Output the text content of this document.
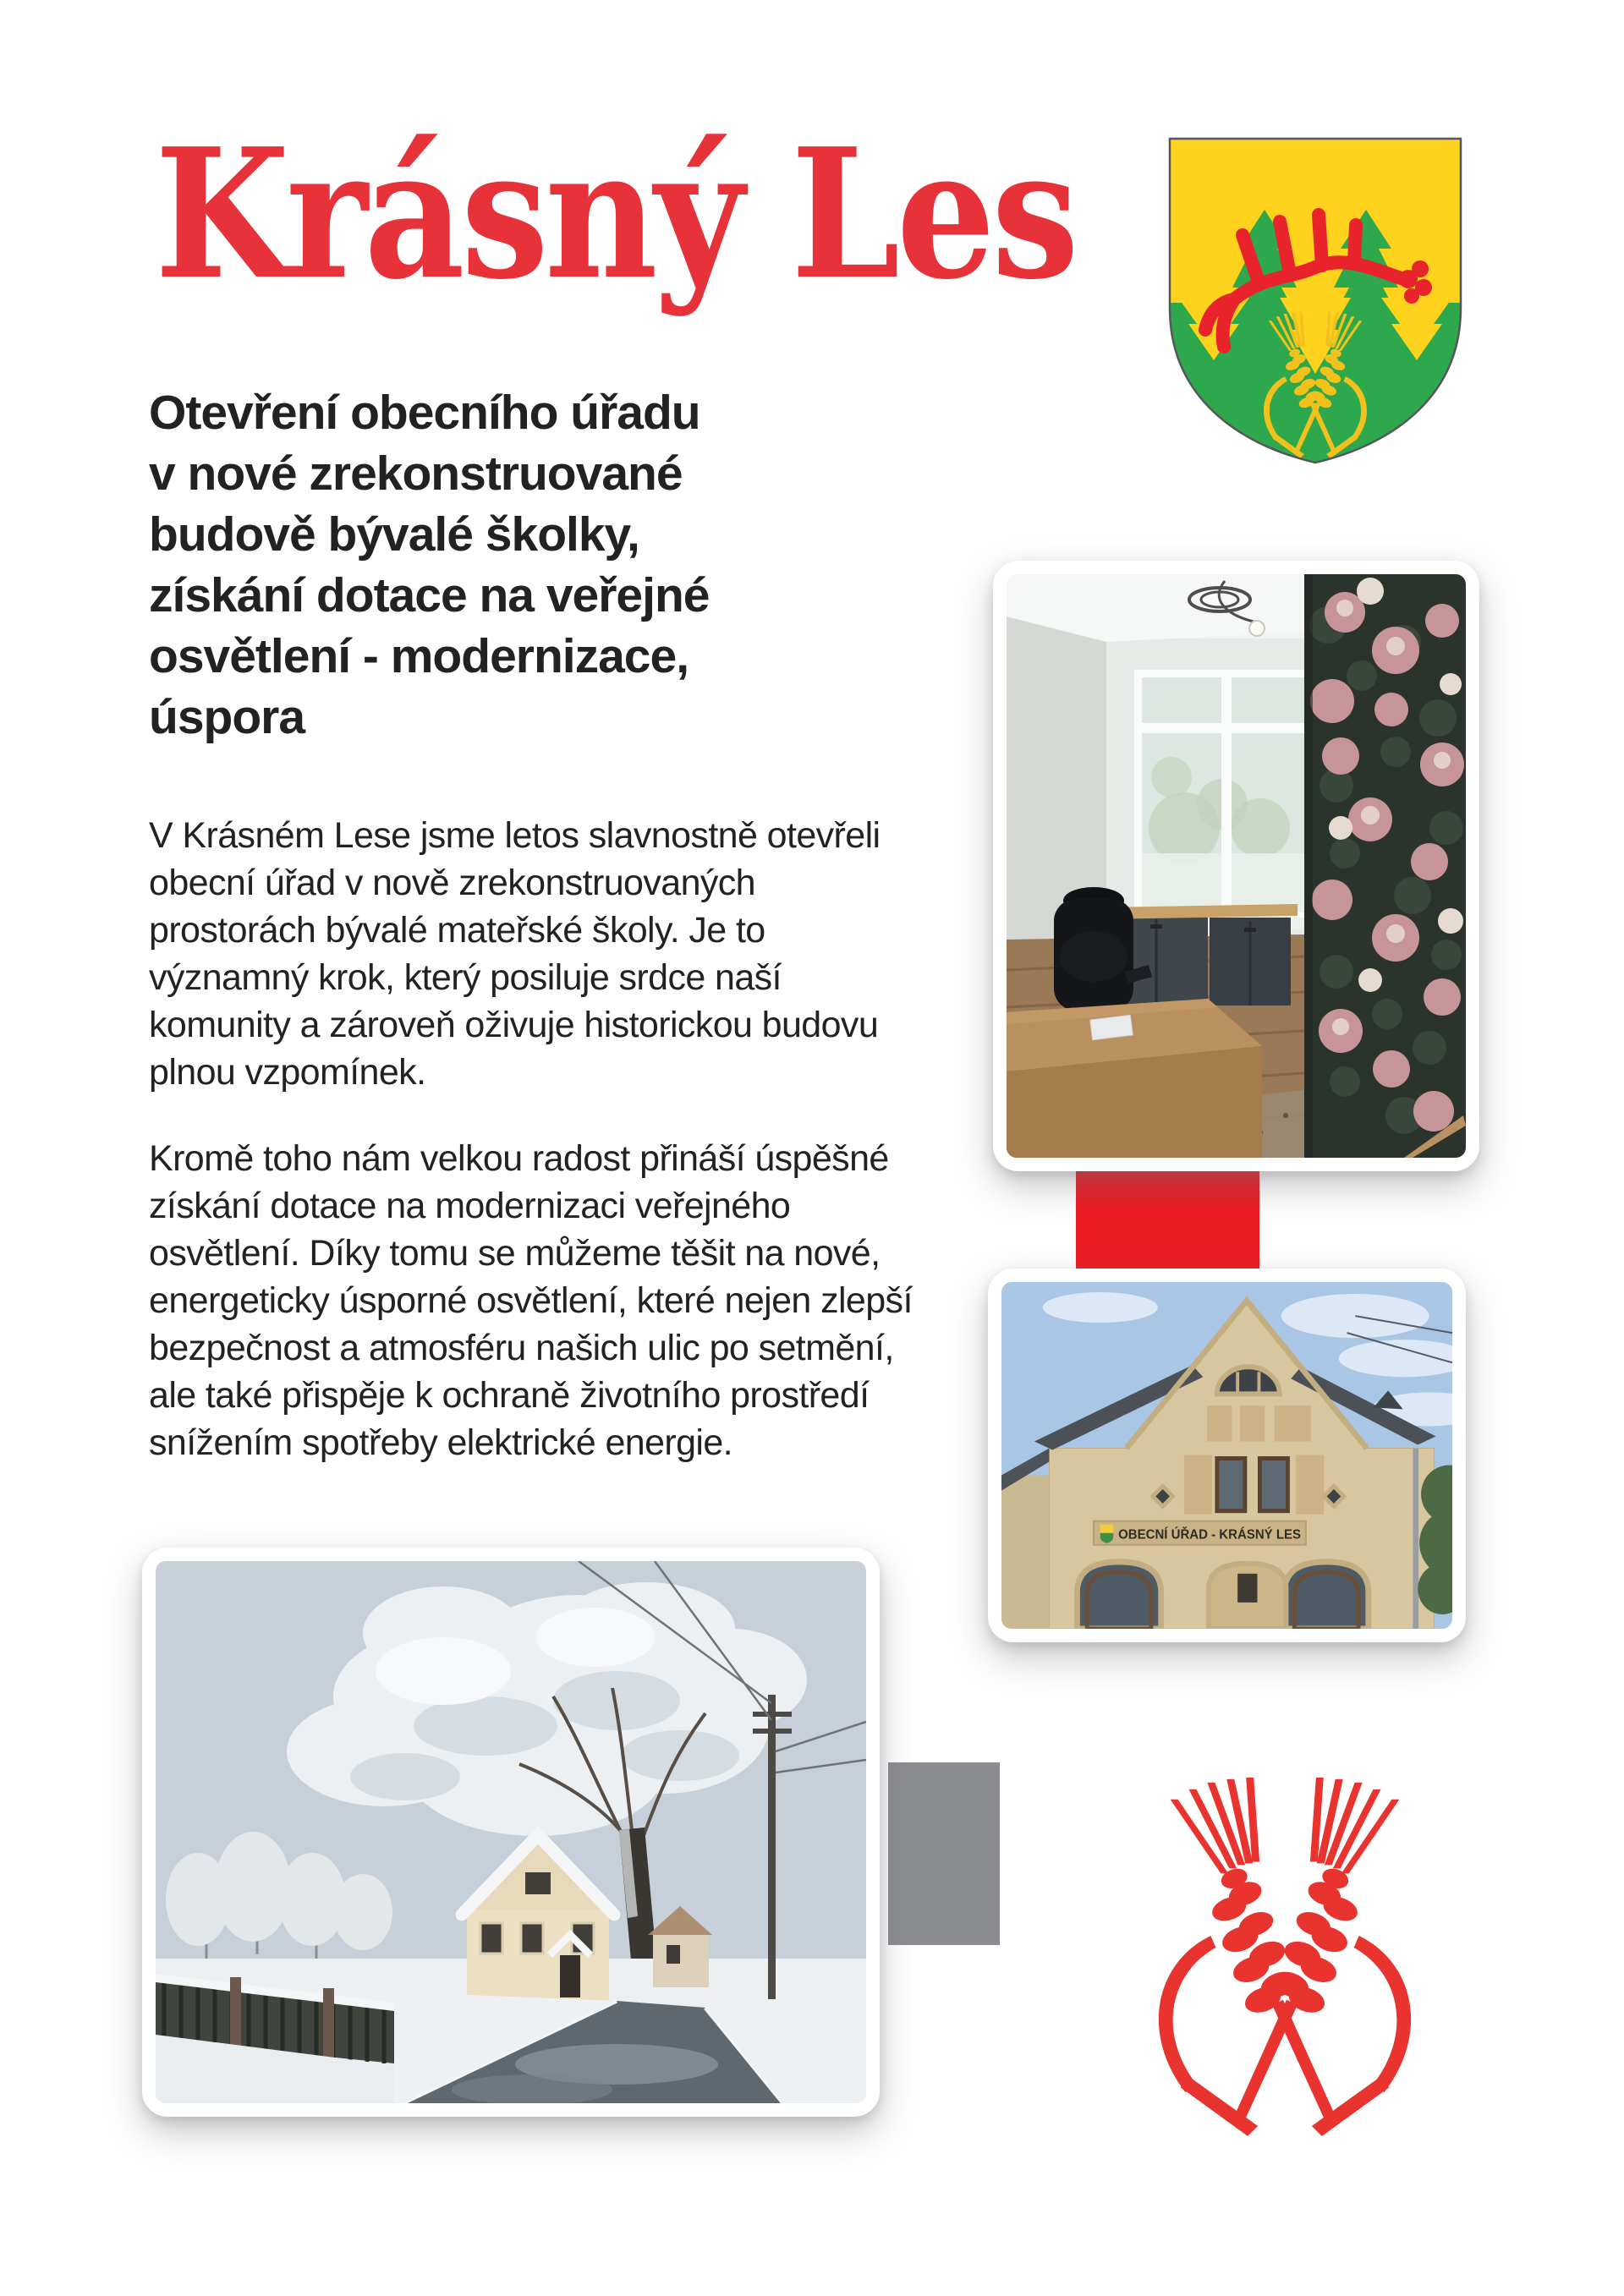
Krásný Les
Otevření obecního úřadu
v nové zrekonstruované
budově bývalé školky,
získání dotace na veřejné
osvětlení - modernizace,
úspora

V Krásném Lese jsme letos slavnostně otevřeli
obecní úřad v nově zrekonstruovaných
prostorách bývalé mateřské školy. Je to
významný krok, který posiluje srdce naší
komunity a zároveň oživuje historickou budovu
plnou vzpomínek.

Kromě toho nám velkou radost přináší úspěšné
získání dotace na modernizaci veřejného
osvětlení. Díky tomu se můžeme těšit na nové,
energeticky úsporné osvětlení, které nejen zlepší
bezpečnost a atmosféru našich ulic po setmění,
ale také přispěje k ochraně životního prostředí
snížením spotřeby elektrické energie.

OBECNÍ ÚŘAD - KRÁSNÝ LES
